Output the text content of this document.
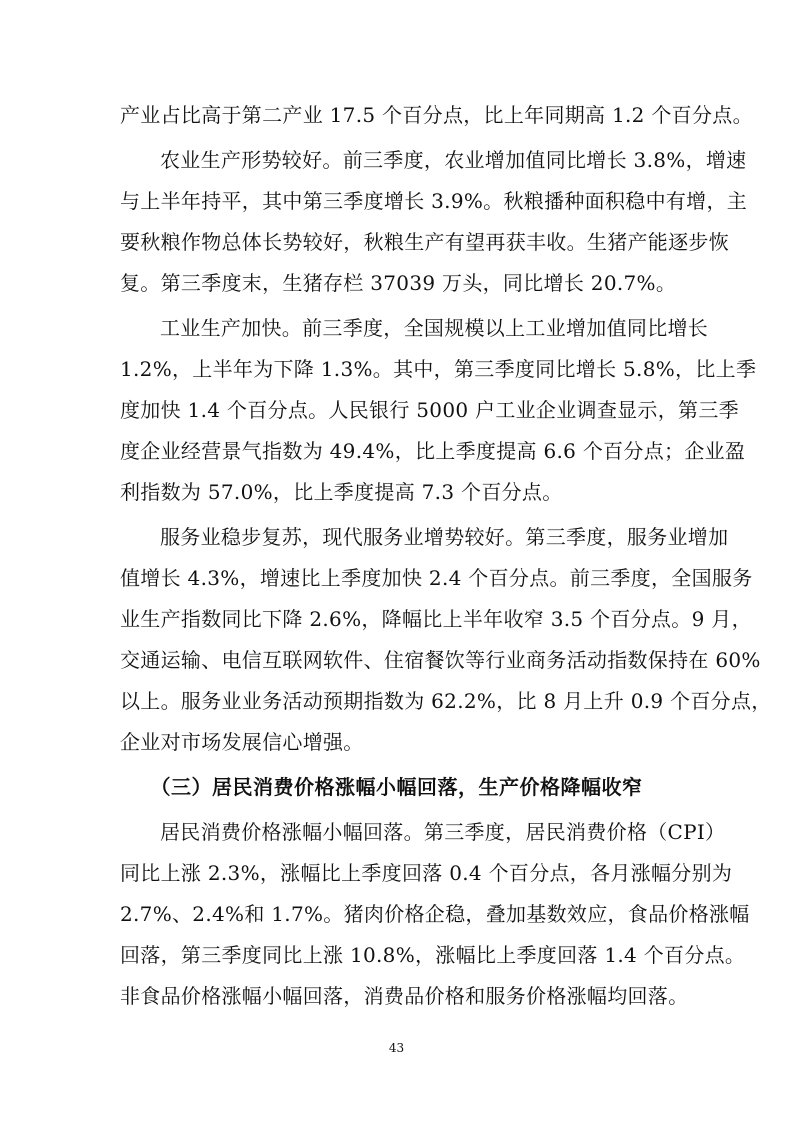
产业占比高于第二产业 17.5 个百分点，比上年同期高 1.2 个百分点。
农业生产形势较好。前三季度，农业增加值同比增长 3.8%，增速
与上半年持平，其中第三季度增长 3.9%。秋粮播种面积稳中有增，主
要秋粮作物总体长势较好，秋粮生产有望再获丰收。生猪产能逐步恢
复。第三季度末，生猪存栏 37039 万头，同比增长 20.7%。
工业生产加快。前三季度，全国规模以上工业增加值同比增长
1.2%，上半年为下降 1.3%。其中，第三季度同比增长 5.8%，比上季
度加快 1.4 个百分点。人民银行 5000 户工业企业调查显示，第三季
度企业经营景气指数为 49.4%，比上季度提高 6.6 个百分点；企业盈
利指数为 57.0%，比上季度提高 7.3 个百分点。
服务业稳步复苏，现代服务业增势较好。第三季度，服务业增加
值增长 4.3%，增速比上季度加快 2.4 个百分点。前三季度，全国服务
业生产指数同比下降 2.6%，降幅比上半年收窄 3.5 个百分点。9 月，
交通运输、电信互联网软件、住宿餐饮等行业商务活动指数保持在 60%
以上。服务业业务活动预期指数为 62.2%，比 8 月上升 0.9 个百分点，
企业对市场发展信心增强。
（三）居民消费价格涨幅小幅回落，生产价格降幅收窄
居民消费价格涨幅小幅回落。第三季度，居民消费价格（CPI）
同比上涨 2.3%，涨幅比上季度回落 0.4 个百分点，各月涨幅分别为
2.7%、2.4%和 1.7%。猪肉价格企稳，叠加基数效应，食品价格涨幅
回落，第三季度同比上涨 10.8%，涨幅比上季度回落 1.4 个百分点。
非食品价格涨幅小幅回落，消费品价格和服务价格涨幅均回落。
43
